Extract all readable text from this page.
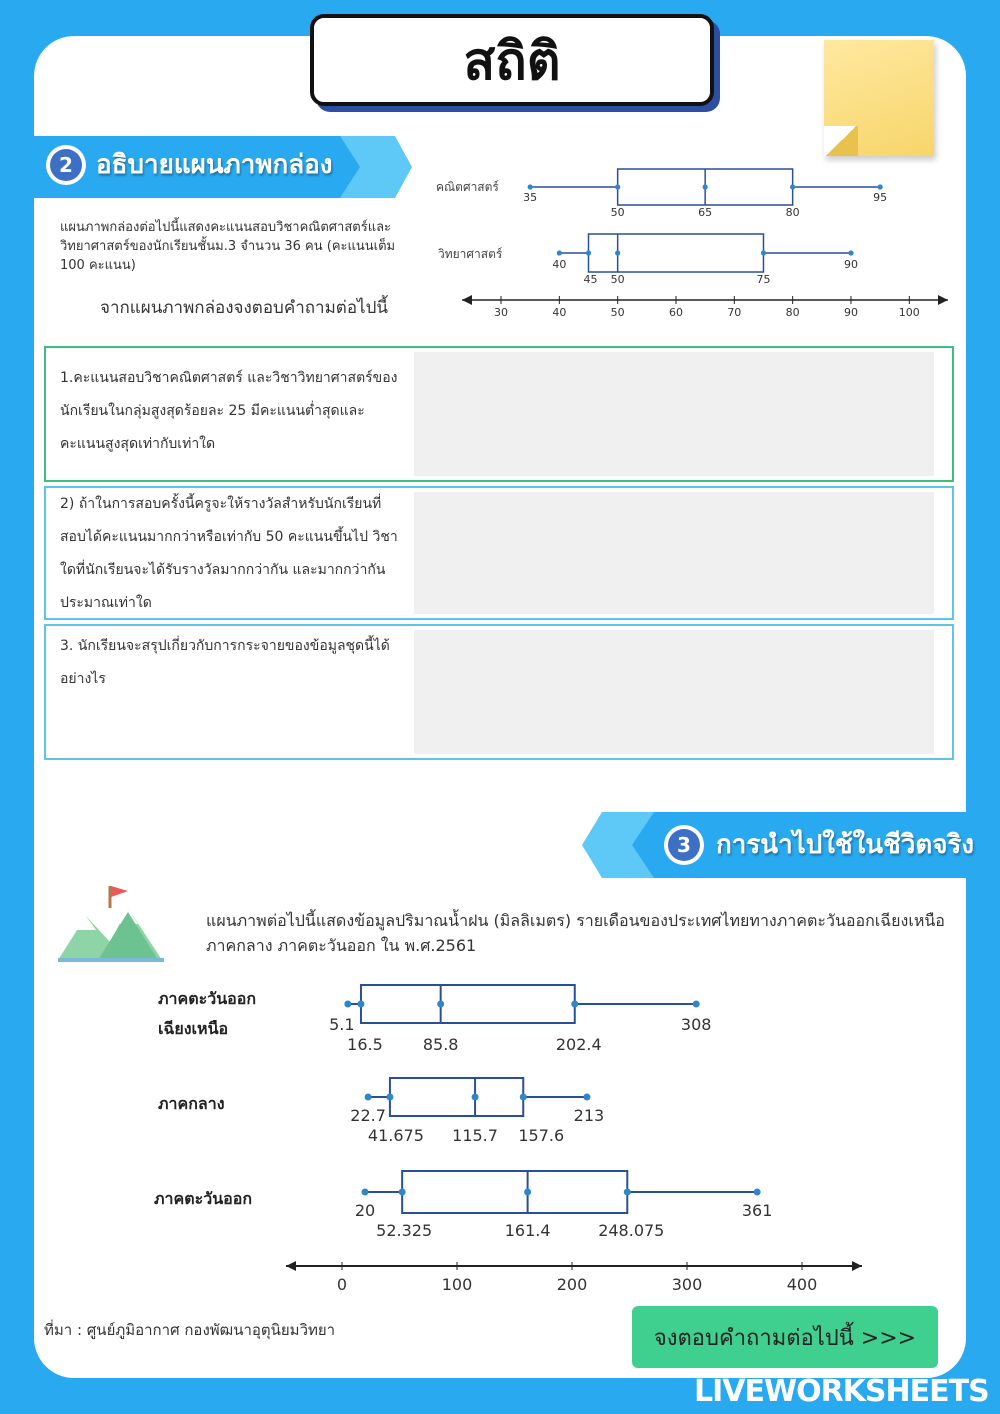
สถิติ
2 อธิบายแผนภาพกล่อง
แผนภาพกล่องต่อไปนี้แสดงคะแนนสอบวิชาคณิตศาสตร์และวิทยาศาสตร์ของนักเรียนชั้นม.3 จำนวน 36 คน (คะแนนเต็ม 100 คะแนน)
จากแผนภาพกล่องจงตอบคำถามต่อไปนี้
คณิตศาสตร์
วิทยาศาสตร์
35
50	65	80
95
40
45 50	75
90
30	40	50	60	70	80	90	100
1.คะแนนสอบวิชาคณิตศาสตร์ และวิชาวิทยาศาสตร์ของนักเรียนในกลุ่มสูงสุดร้อยละ 25 มีคะแนนต่ำสุดและคะแนนสูงสุดเท่ากับเท่าใด
2) ถ้าในการสอบครั้งนี้ครูจะให้รางวัลสำหรับนักเรียนที่สอบได้คะแนนมากกว่าหรือเท่ากับ 50 คะแนนขึ้นไป วิชาใดที่นักเรียนจะได้รับรางวัลมากกว่ากัน และมากกว่ากันประมาณเท่าใด
3. นักเรียนจะสรุปเกี่ยวกับการกระจายของข้อมูลชุดนี้ได้อย่างไร
3 การนำไปใช้ในชีวิตจริง
แผนภาพต่อไปนี้แสดงข้อมูลปริมาณน้ำฝน (มิลลิเมตร) รายเดือนของประเทศไทยทางภาคตะวันออกเฉียงเหนือ ภาคกลาง ภาคตะวันออก ใน พ.ศ.2561
ภาคตะวันออก
เฉียงเหนือ
ภาคกลาง
ภาคตะวันออก
5.1
16.5	85.8	202.4
308
22.7
41.675 115.7 157.6
213
20
52.325	161.4	248.075
361
0	100	200	300	400
ที่มา : ศูนย์ภูมิอากาศ กองพัฒนาอุตุนิยมวิทยา	จงตอบคำถามต่อไปนี้ >>>
LIVEWORKSHEETS
